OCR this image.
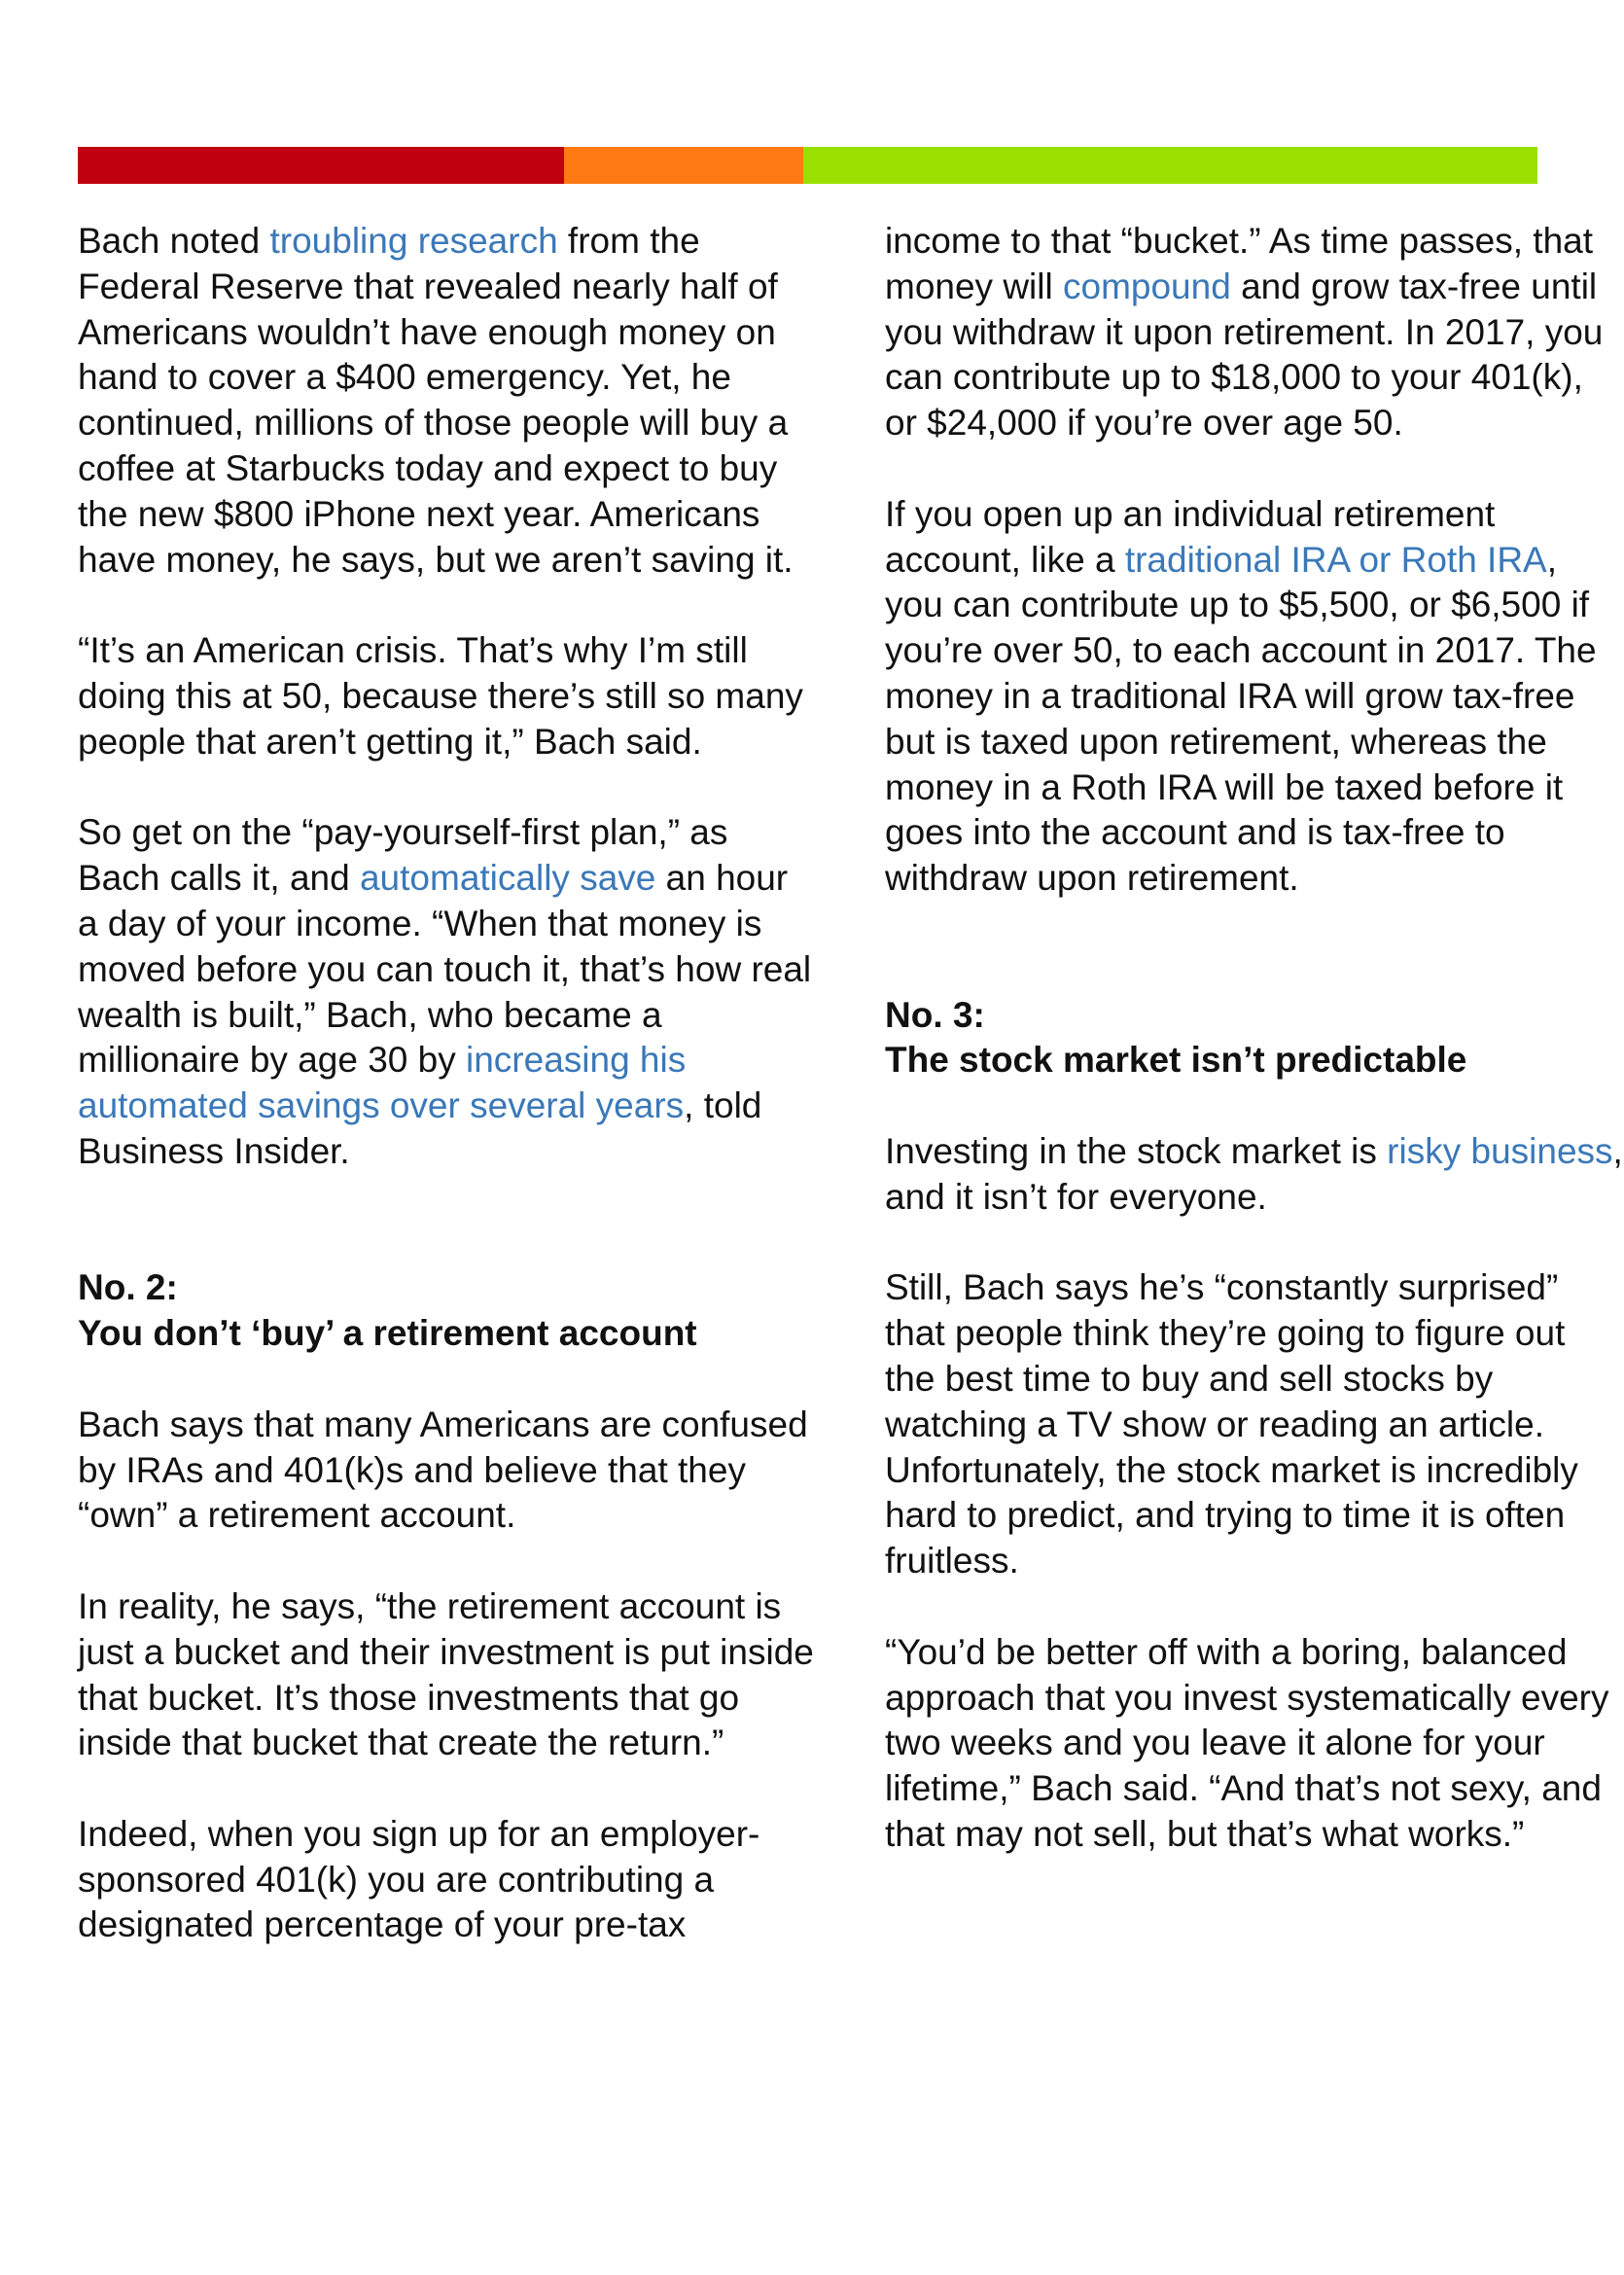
Bach noted troubling research from the Federal Reserve that revealed nearly half of Americans wouldn’t have enough money on hand to cover a $400 emergency. Yet, he continued, millions of those people will buy a coffee at Starbucks today and expect to buy the new $800 iPhone next year. Americans have money, he says, but we aren’t saving it.

“It’s an American crisis. That’s why I’m still doing this at 50, because there’s still so many people that aren’t getting it,” Bach said.

So get on the “pay-yourself-first plan,” as Bach calls it, and automatically save an hour a day of your income. “When that money is moved before you can touch it, that’s how real wealth is built,” Bach, who became a millionaire by age 30 by increasing his automated savings over several years, told Business Insider.

No. 2:

You don’t ‘buy’ a retirement account

Bach says that many Americans are confused by IRAs and 401(k)s and believe that they “own” a retirement account.

In reality, he says, “the retirement account is just a bucket and their investment is put inside that bucket. It’s those investments that go inside that bucket that create the return.”

Indeed, when you sign up for an employer-sponsored 401(k) you are contributing a designated percentage of your pre-tax

income to that “bucket.” As time passes, that money will compound and grow tax-free until you withdraw it upon retirement. In 2017, you can contribute up to $18,000 to your 401(k), or $24,000 if you’re over age 50.

If you open up an individual retirement account, like a traditional IRA or Roth IRA, you can contribute up to $5,500, or $6,500 if you’re over 50, to each account in 2017. The money in a traditional IRA will grow tax-free but is taxed upon retirement, whereas the money in a Roth IRA will be taxed before it goes into the account and is tax-free to withdraw upon retirement.

No. 3:

The stock market isn’t predictable

Investing in the stock market is risky business, and it isn’t for everyone.

Still, Bach says he’s “constantly surprised” that people think they’re going to figure out the best time to buy and sell stocks by watching a TV show or reading an article. Unfortunately, the stock market is incredibly hard to predict, and trying to time it is often fruitless.

“You’d be better off with a boring, balanced approach that you invest systematically every two weeks and you leave it alone for your lifetime,” Bach said. “And that’s not sexy, and that may not sell, but that’s what works.”
